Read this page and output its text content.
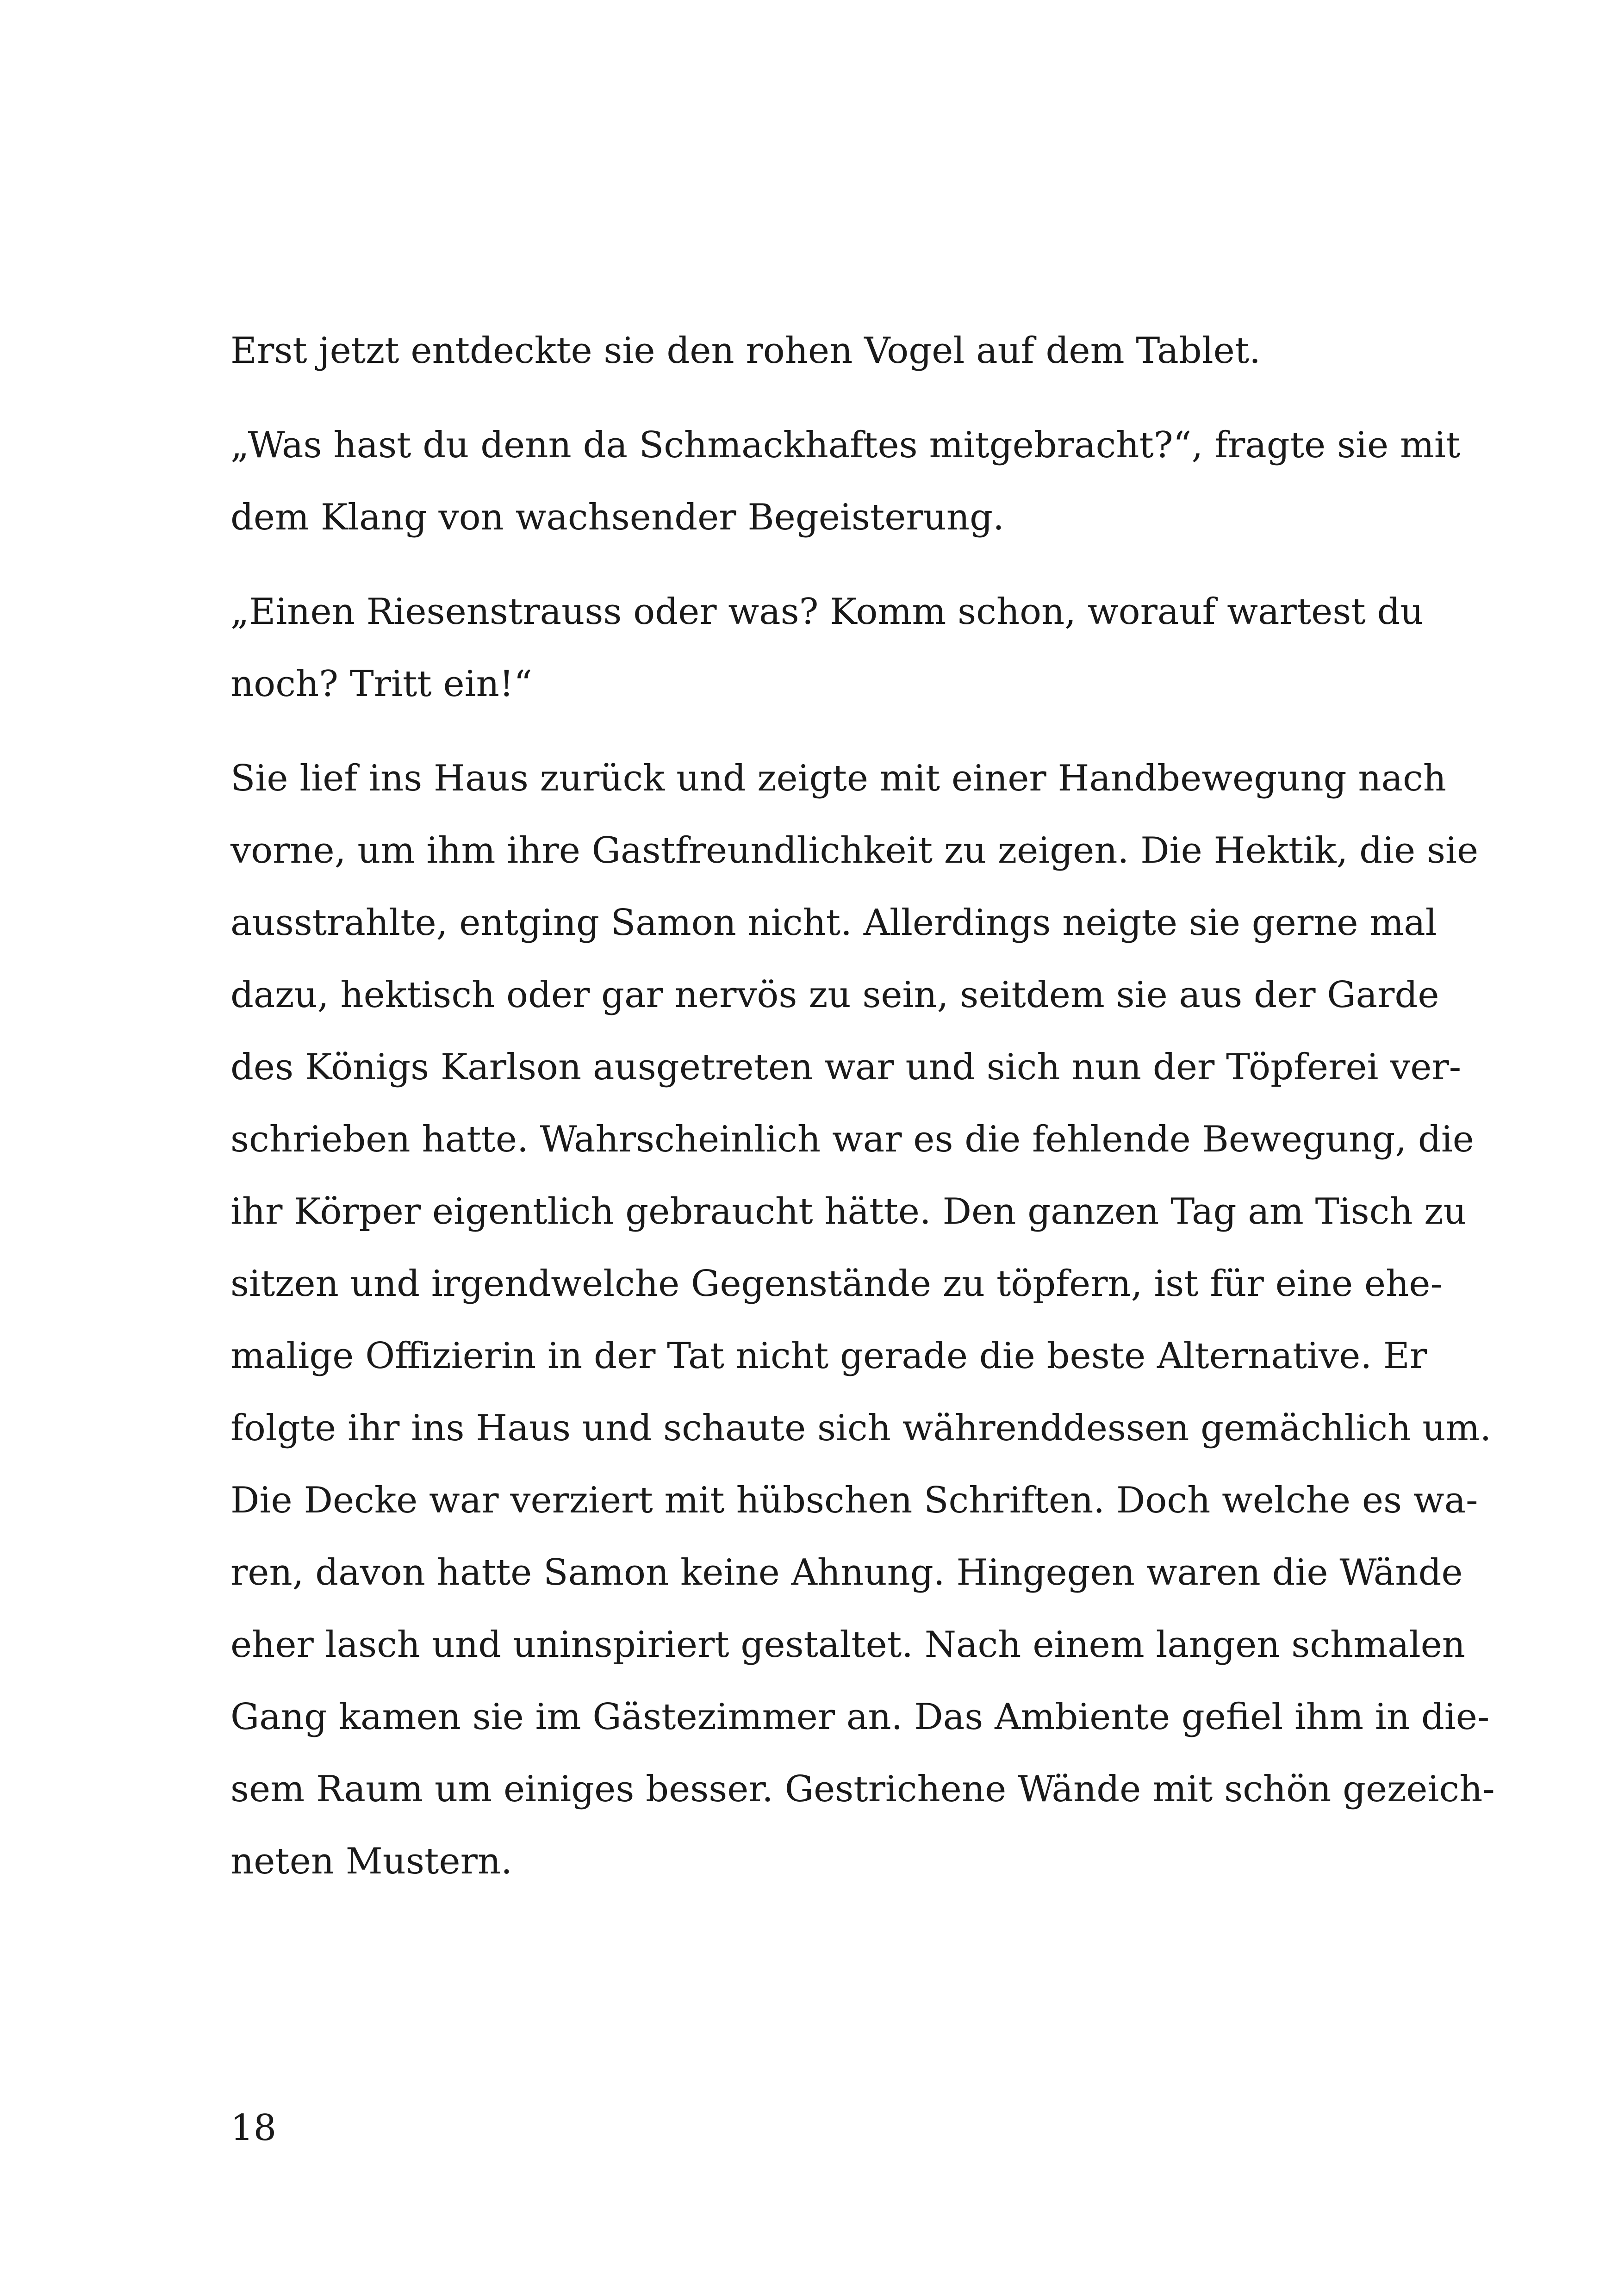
Erst jetzt entdeckte sie den rohen Vogel auf dem Tablet.

„Was hast du denn da Schmackhaftes mitgebracht?“, fragte sie mit
dem Klang von wachsender Begeisterung.

„Einen Riesenstrauss oder was? Komm schon, worauf wartest du
noch? Tritt ein!“

Sie lief ins Haus zurück und zeigte mit einer Handbewegung nach
vorne, um ihm ihre Gastfreundlichkeit zu zeigen. Die Hektik, die sie
ausstrahlte, entging Samon nicht. Allerdings neigte sie gerne mal
dazu, hektisch oder gar nervös zu sein, seitdem sie aus der Garde
des Königs Karlson ausgetreten war und sich nun der Töpferei ver-
schrieben hatte. Wahrscheinlich war es die fehlende Bewegung, die
ihr Körper eigentlich gebraucht hätte. Den ganzen Tag am Tisch zu
sitzen und irgendwelche Gegenstände zu töpfern, ist für eine ehe-
malige Offizierin in der Tat nicht gerade die beste Alternative. Er
folgte ihr ins Haus und schaute sich währenddessen gemächlich um.
Die Decke war verziert mit hübschen Schriften. Doch welche es wa-
ren, davon hatte Samon keine Ahnung. Hingegen waren die Wände
eher lasch und uninspiriert gestaltet. Nach einem langen schmalen
Gang kamen sie im Gästezimmer an. Das Ambiente gefiel ihm in die-
sem Raum um einiges besser. Gestrichene Wände mit schön gezeich-
neten Mustern.

18
